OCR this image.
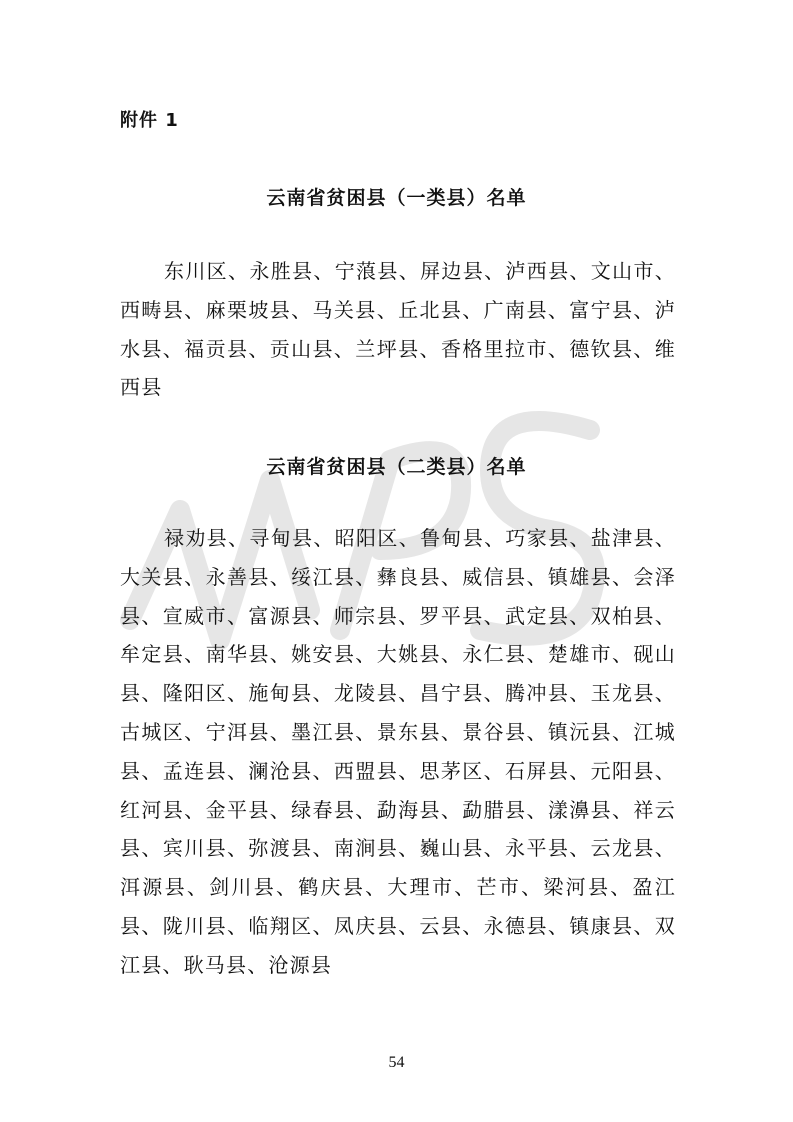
附件 1
云南省贫困县（一类县）名单
东川区、永胜县、宁蒗县、屏边县、泸西县、文山市、西畴县、麻栗坡县、马关县、丘北县、广南县、富宁县、泸水县、福贡县、贡山县、兰坪县、香格里拉市、德钦县、维西县
云南省贫困县（二类县）名单
禄劝县、寻甸县、昭阳区、鲁甸县、巧家县、盐津县、大关县、永善县、绥江县、彝良县、威信县、镇雄县、会泽县、宣威市、富源县、师宗县、罗平县、武定县、双柏县、牟定县、南华县、姚安县、大姚县、永仁县、楚雄市、砚山县、隆阳区、施甸县、龙陵县、昌宁县、腾冲县、玉龙县、古城区、宁洱县、墨江县、景东县、景谷县、镇沅县、江城县、孟连县、澜沧县、西盟县、思茅区、石屏县、元阳县、红河县、金平县、绿春县、勐海县、勐腊县、漾濞县、祥云县、宾川县、弥渡县、南涧县、巍山县、永平县、云龙县、洱源县、剑川县、鹤庆县、大理市、芒市、梁河县、盈江县、陇川县、临翔区、凤庆县、云县、永德县、镇康县、双江县、耿马县、沧源县
54
